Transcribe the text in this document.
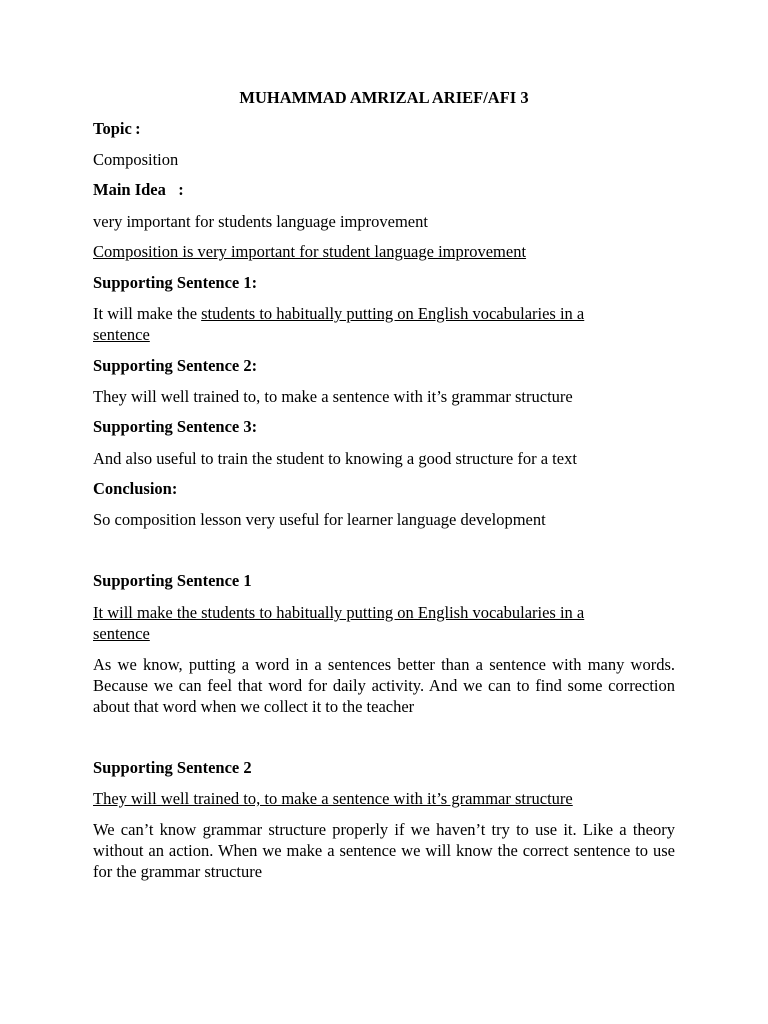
MUHAMMAD AMRIZAL ARIEF/AFI 3
Topic :
Composition
Main Idea   :
very important for students language improvement
Composition is very important for student language improvement
Supporting Sentence 1:
It will make the students to habitually putting on English vocabularies in a sentence
Supporting Sentence 2:
They will well trained to, to make a sentence with it’s grammar structure
Supporting Sentence 3:
And also useful to train the student to knowing a good structure for a text
Conclusion:
So composition lesson very useful for learner language development
Supporting Sentence 1
It will make the students to habitually putting on English vocabularies in a sentence
As we know, putting a word in a sentences better than a sentence with many words. Because we can feel that word for daily activity. And we can to find some correction about that word when we collect it to the teacher
Supporting Sentence 2
They will well trained to, to make a sentence with it’s grammar structure
We can’t know grammar structure properly if we haven’t try to use it. Like a theory without an action. When we make a sentence we will know the correct sentence to use for the grammar structure
